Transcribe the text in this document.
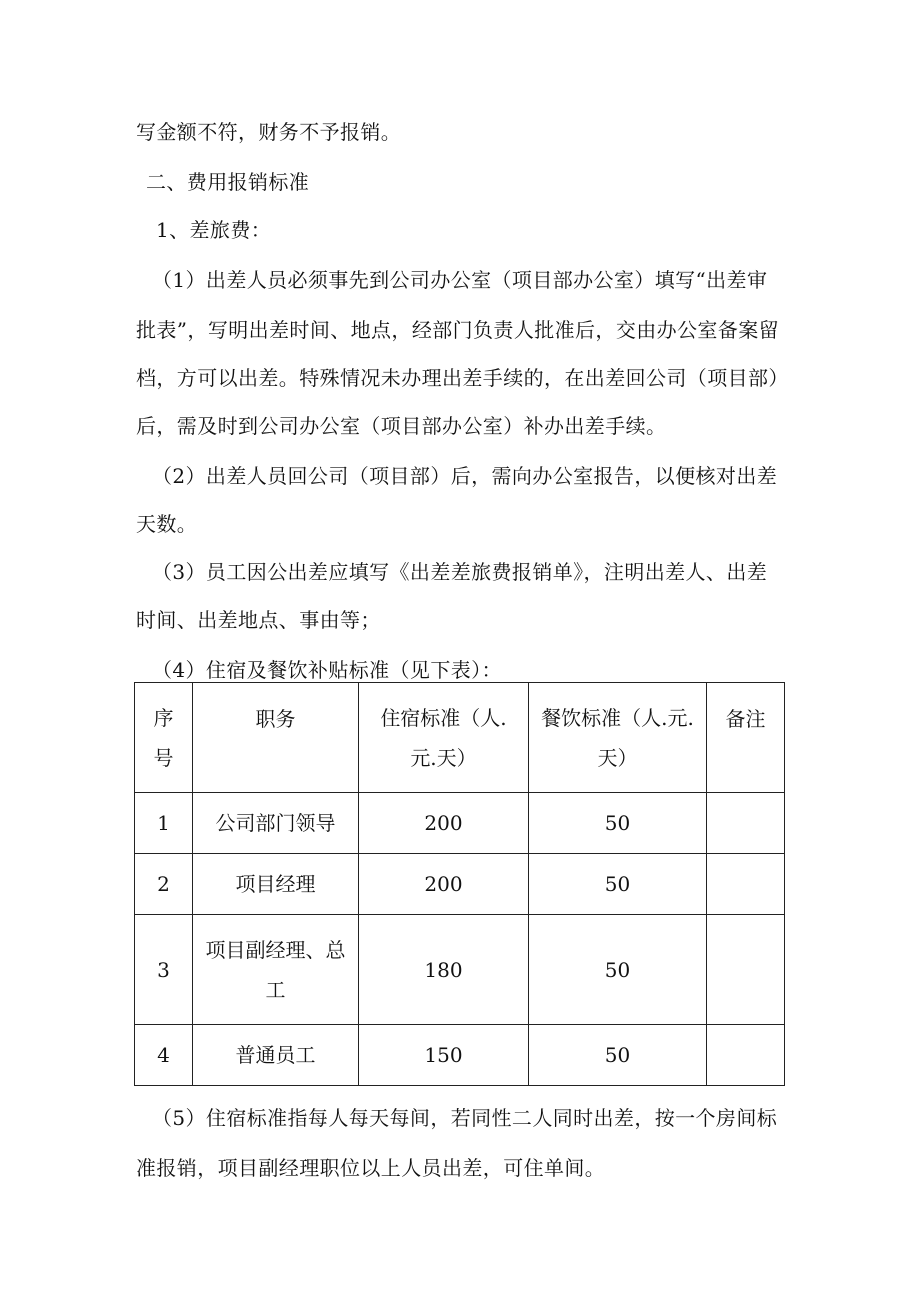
写金额不符，财务不予报销。

二、费用报销标准

1、差旅费：

（1）出差人员必须事先到公司办公室（项目部办公室）填写“出差审

批表”，写明出差时间、地点，经部门负责人批准后，交由办公室备案留

档，方可以出差。特殊情况未办理出差手续的，在出差回公司（项目部）

后，需及时到公司办公室（项目部办公室）补办出差手续。

（2）出差人员回公司（项目部）后，需向办公室报告，以便核对出差

天数。

（3）员工因公出差应填写《出差差旅费报销单》，注明出差人、出差

时间、出差地点、事由等；

（4）住宿及餐饮补贴标准（见下表）：

序号	职务	住宿标准（人.元.天）	餐饮标准（人.元.天）	备注
1	公司部门领导	200	50	
2	项目经理	200	50	
3	项目副经理、总工	180	50	
4	普通员工	150	50	

（5）住宿标准指每人每天每间，若同性二人同时出差，按一个房间标

准报销，项目副经理职位以上人员出差，可住单间。
